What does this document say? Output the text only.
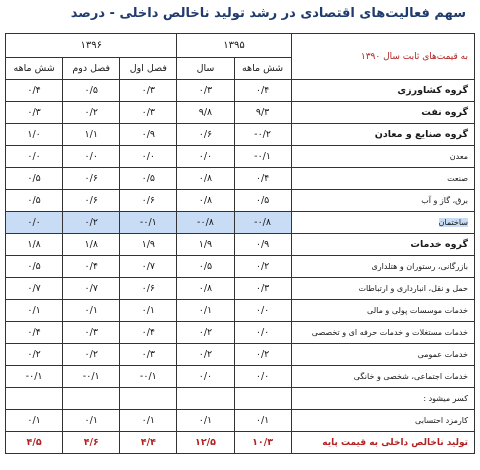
سهم فعالیت‌های اقتصادی در رشد تولید ناخالص داخلی - درصد
به قیمت‌های ثابت سال ۱۳۹۰	۱۳۹۵		۱۳۹۶		
	شش ماهه	سال	فصل اول	فصل دوم	شش ماهه
گروه کشاورزی	۰/۴	۰/۳	۰/۳	۰/۵	۰/۴
گروه نفت	۹/۳	۹/۸	۰/۳	۰/۲	۰/۳
گروه صنایع و معادن	۰/۲-	۰/۶	۰/۹	۱/۱	۱/۰
معدن	۰/۱-	۰/۰	۰/۰	۰/۰	۰/۰
صنعت	۰/۴	۰/۸	۰/۵	۰/۶	۰/۵
برق، گاز و آب	۰/۵	۰/۸	۰/۶	۰/۶	۰/۵
ساختمان	۰/۸-	۰/۸-	۰/۱-	۰/۲	۰/۰
گروه خدمات	۰/۹	۱/۹	۱/۹	۱/۸	۱/۸
بازرگانی، رستوران و هتلداری	۰/۲	۰/۵	۰/۷	۰/۴	۰/۵
حمل و نقل، انبارداری و ارتباطات	۰/۳	۰/۸	۰/۶	۰/۷	۰/۷
خدمات موسسات پولی و مالی	۰/۰	۰/۱	۰/۱	۰/۱	۰/۱
خدمات مستغلات و خدمات حرفه ای و تخصصی	۰/۰	۰/۲	۰/۴	۰/۳	۰/۴
خدمات عمومی	۰/۲	۰/۲	۰/۳	۰/۲	۰/۲
خدمات اجتماعی، شخصی و خانگی	۰/۰	۰/۰	۰/۱-	۰/۱-	۰/۱-
کسر میشود :					
کارمزد احتسابی	۰/۱	۰/۱	۰/۱	۰/۱	۰/۱
تولید ناخالص داخلی به قیمت پایه	۱۰/۳	۱۲/۵	۴/۴	۴/۶	۴/۵
